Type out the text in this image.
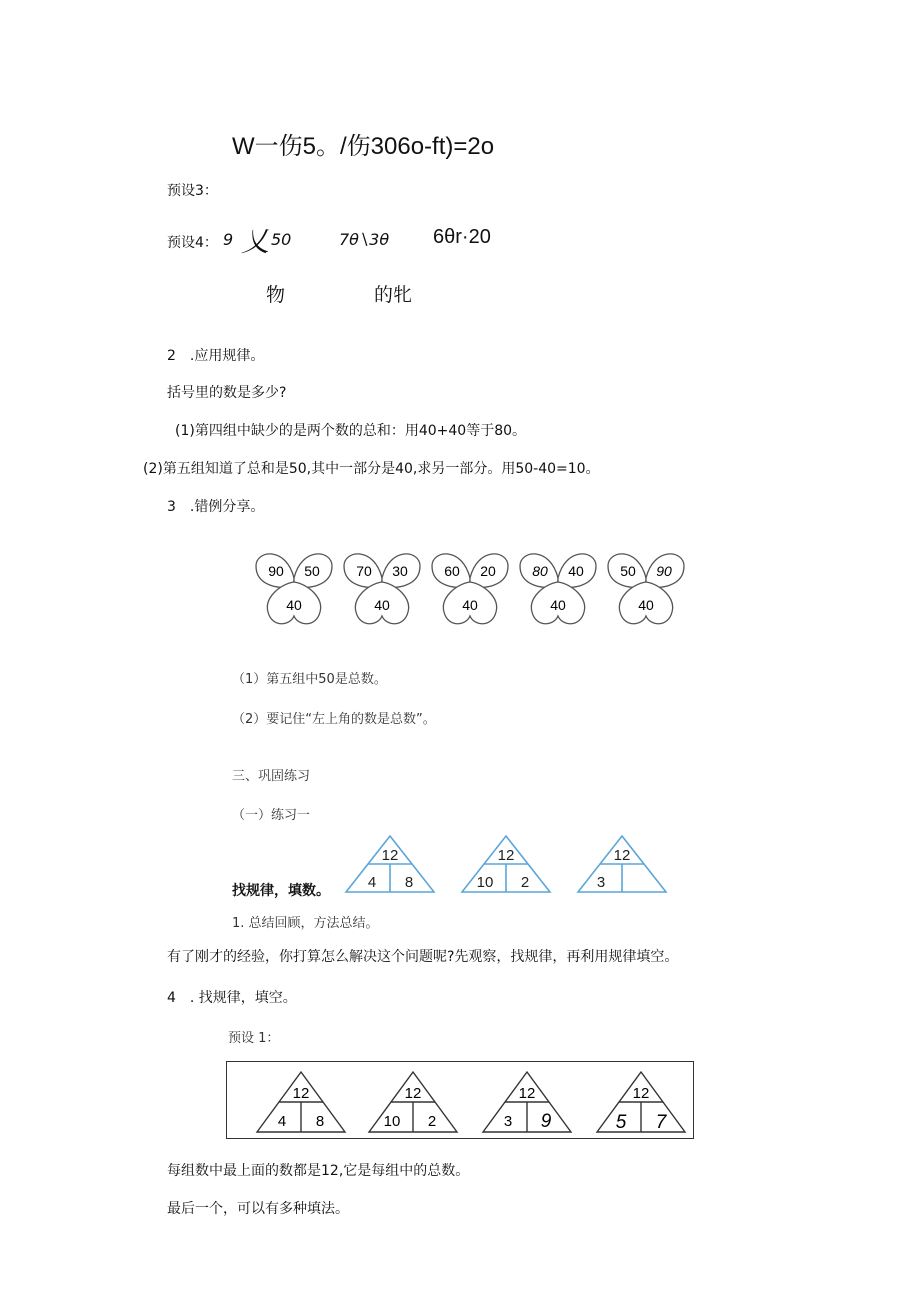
W一伤5。/伤306o-ft)=2o
预设3：
预设4： 9 乂 50	7θ∖3θ 6θr·20
物	的牝
2　.应用规律。
括号里的数是多少?
(1)第四组中缺少的是两个数的总和：用40+40等于80。
(2)第五组知道了总和是50,其中一部分是40,求另一部分。用50-40=10。
3　.错例分享。
90 50
40
70 30
40
60 20
40
80 40
40
50 90
40
（1）第五组中50是总数。
（2）要记住“左上角的数是总数”。
三、巩固练习
（一）练习一
12
4 8
12
10 2
12
3
找规律，填数。
1. 总结回顾，方法总结。
有了刚才的经验，你打算怎么解决这个问题呢?先观察，找规律，再利用规律填空。
4　. 找规律，填空。
预设 1：
12
4 8
12
10 2
12
3 9
12
5 7
每组数中最上面的数都是12,它是每组中的总数。
最后一个，可以有多种填法。
